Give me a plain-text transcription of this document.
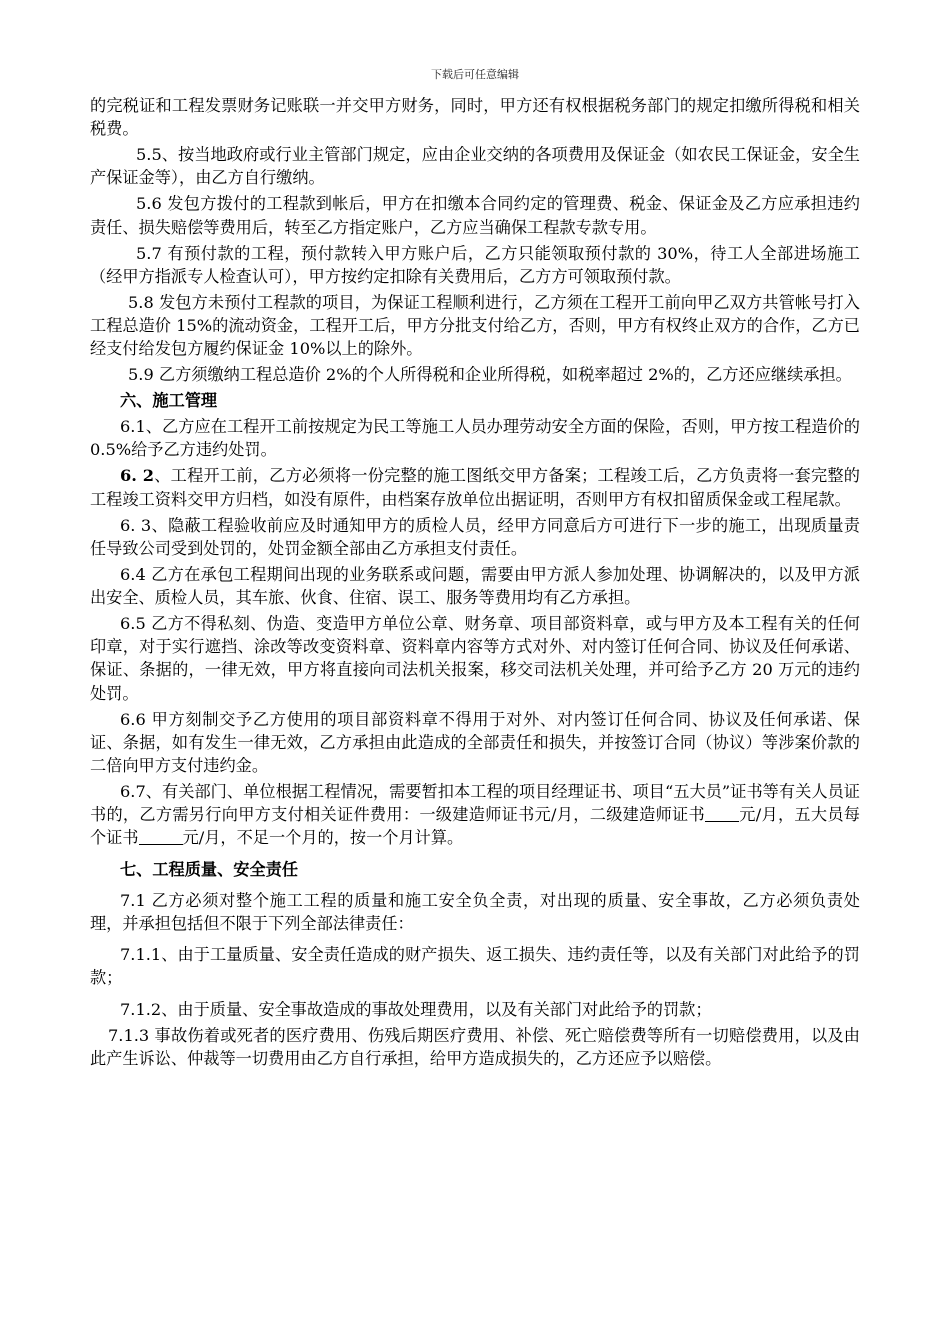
下载后可任意编辑

的完税证和工程发票财务记账联一并交甲方财务，同时，甲方还有权根据税务部门的规定扣缴所得税和相关税费。

5.5、按当地政府或行业主管部门规定，应由企业交纳的各项费用及保证金（如农民工保证金，安全生产保证金等），由乙方自行缴纳。

5.6 发包方拨付的工程款到帐后，甲方在扣缴本合同约定的管理费、税金、保证金及乙方应承担违约责任、损失赔偿等费用后，转至乙方指定账户，乙方应当确保工程款专款专用。

5.7 有预付款的工程，预付款转入甲方账户后，乙方只能领取预付款的 30%，待工人全部进场施工（经甲方指派专人检查认可），甲方按约定扣除有关费用后，乙方方可领取预付款。

5.8 发包方未预付工程款的项目，为保证工程顺利进行，乙方须在工程开工前向甲乙双方共管帐号打入工程总造价 15%的流动资金，工程开工后，甲方分批支付给乙方，否则，甲方有权终止双方的合作，乙方已经支付给发包方履约保证金 10%以上的除外。

5.9 乙方须缴纳工程总造价 2%的个人所得税和企业所得税，如税率超过 2%的，乙方还应继续承担。

六、施工管理

6.1、乙方应在工程开工前按规定为民工等施工人员办理劳动安全方面的保险，否则，甲方按工程造价的 0.5%给予乙方违约处罚。

6. 2、工程开工前，乙方必须将一份完整的施工图纸交甲方备案；工程竣工后，乙方负责将一套完整的工程竣工资料交甲方归档，如没有原件，由档案存放单位出据证明，否则甲方有权扣留质保金或工程尾款。

6. 3、隐蔽工程验收前应及时通知甲方的质检人员，经甲方同意后方可进行下一步的施工，出现质量责任导致公司受到处罚的，处罚金额全部由乙方承担支付责任。

6.4 乙方在承包工程期间出现的业务联系或问题，需要由甲方派人参加处理、协调解决的，以及甲方派出安全、质检人员，其车旅、伙食、住宿、误工、服务等费用均有乙方承担。

6.5 乙方不得私刻、伪造、变造甲方单位公章、财务章、项目部资料章，或与甲方及本工程有关的任何印章，对于实行遮挡、涂改等改变资料章、资料章内容等方式对外、对内签订任何合同、协议及任何承诺、保证、条据的，一律无效，甲方将直接向司法机关报案，移交司法机关处理，并可给予乙方 20 万元的违约处罚。

6.6 甲方刻制交予乙方使用的项目部资料章不得用于对外、对内签订任何合同、协议及任何承诺、保证、条据，如有发生一律无效，乙方承担由此造成的全部责任和损失，并按签订合同（协议）等涉案价款的二倍向甲方支付违约金。

6.7、有关部门、单位根据工程情况，需要暂扣本工程的项目经理证书、项目“五大员”证书等有关人员证书的，乙方需另行向甲方支付相关证件费用：一级建造师证书元/月，二级建造师证书 元/月，五大员每个证书	元/月，不足一个月的，按一个月计算。

七、工程质量、安全责任

7.1 乙方必须对整个施工工程的质量和施工安全负全责，对出现的质量、安全事故，乙方必须负责处理，并承担包括但不限于下列全部法律责任：

7.1.1、由于工量质量、安全责任造成的财产损失、返工损失、违约责任等，以及有关部门对此给予的罚款；

7.1.2、由于质量、安全事故造成的事故处理费用，以及有关部门对此给予的罚款；

7.1.3 事故伤着或死者的医疗费用、伤残后期医疗费用、补偿、死亡赔偿费等所有一切赔偿费用，以及由此产生诉讼、仲裁等一切费用由乙方自行承担，给甲方造成损失的，乙方还应予以赔偿。
